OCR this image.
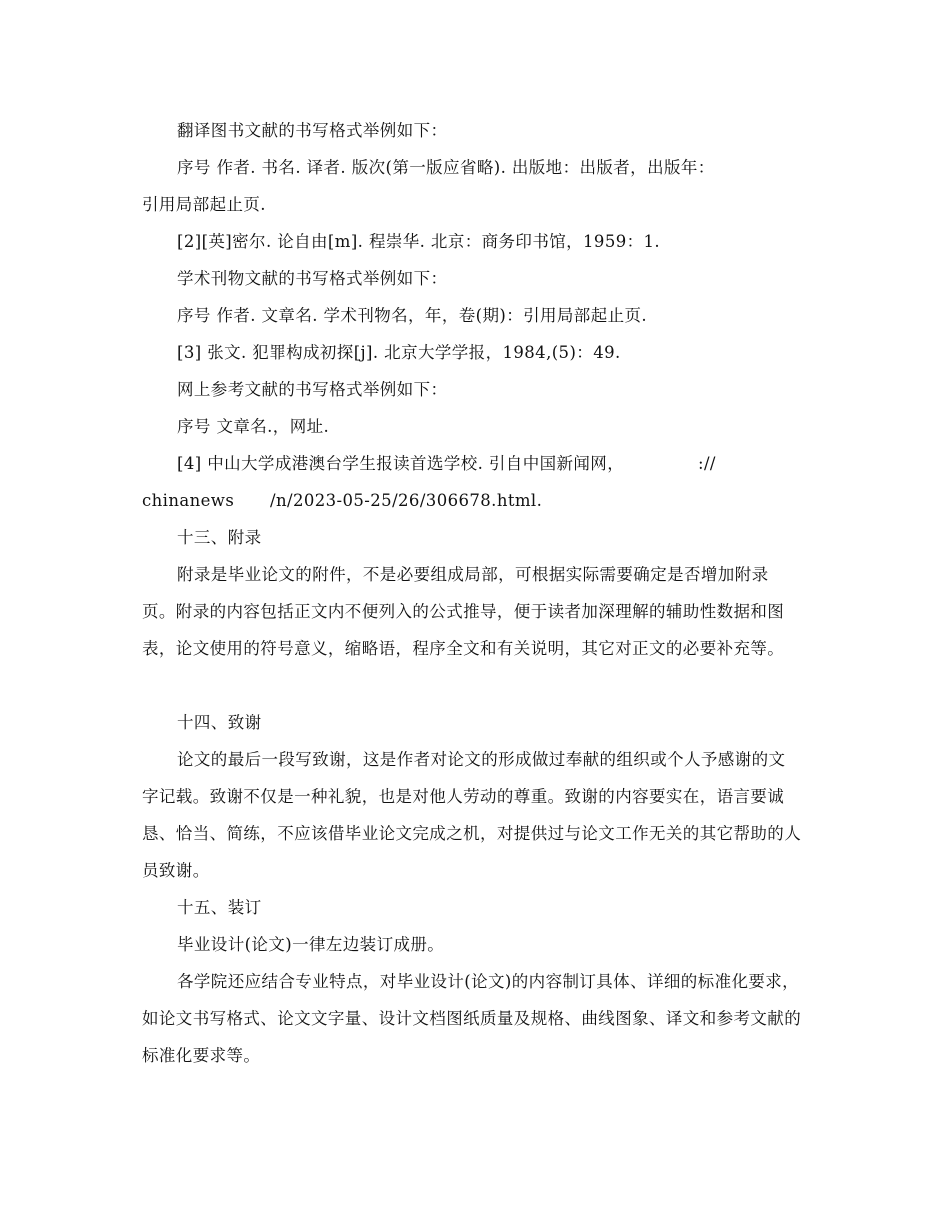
翻译图书文献的书写格式举例如下：

序号 作者. 书名. 译者. 版次(第一版应省略). 出版地：出版者，出版年：

引用局部起止页.

[2][英]密尔. 论自由[m]. 程崇华. 北京：商务印书馆，1959：1.

学术刊物文献的书写格式举例如下：

序号 作者. 文章名. 学术刊物名，年，卷(期)：引用局部起止页.

[3] 张文. 犯罪构成初探[j]. 北京大学学报，1984,(5)：49.

网上参考文献的书写格式举例如下：

序号 文章名.，网址.

[4] 中山大学成港澳台学生报读首选学校. 引自中国新闻网，	://
chinanews /n/2023-05-25/26/306678.html.

十三、附录

附录是毕业论文的附件，不是必要组成局部，可根据实际需要确定是否增加附录页。附录的内容包括正文内不便列入的公式推导，便于读者加深理解的辅助性数据和图表，论文使用的符号意义，缩略语，程序全文和有关说明，其它对正文的必要补充等。

十四、致谢

论文的最后一段写致谢，这是作者对论文的形成做过奉献的组织或个人予感谢的文字记载。致谢不仅是一种礼貌，也是对他人劳动的尊重。致谢的内容要实在，语言要诚恳、恰当、简练，不应该借毕业论文完成之机，对提供过与论文工作无关的其它帮助的人员致谢。

十五、装订

毕业设计(论文)一律左边装订成册。

各学院还应结合专业特点，对毕业设计(论文)的内容制订具体、详细的标准化要求，如论文书写格式、论文文字量、设计文档图纸质量及规格、曲线图象、译文和参考文献的标准化要求等。
